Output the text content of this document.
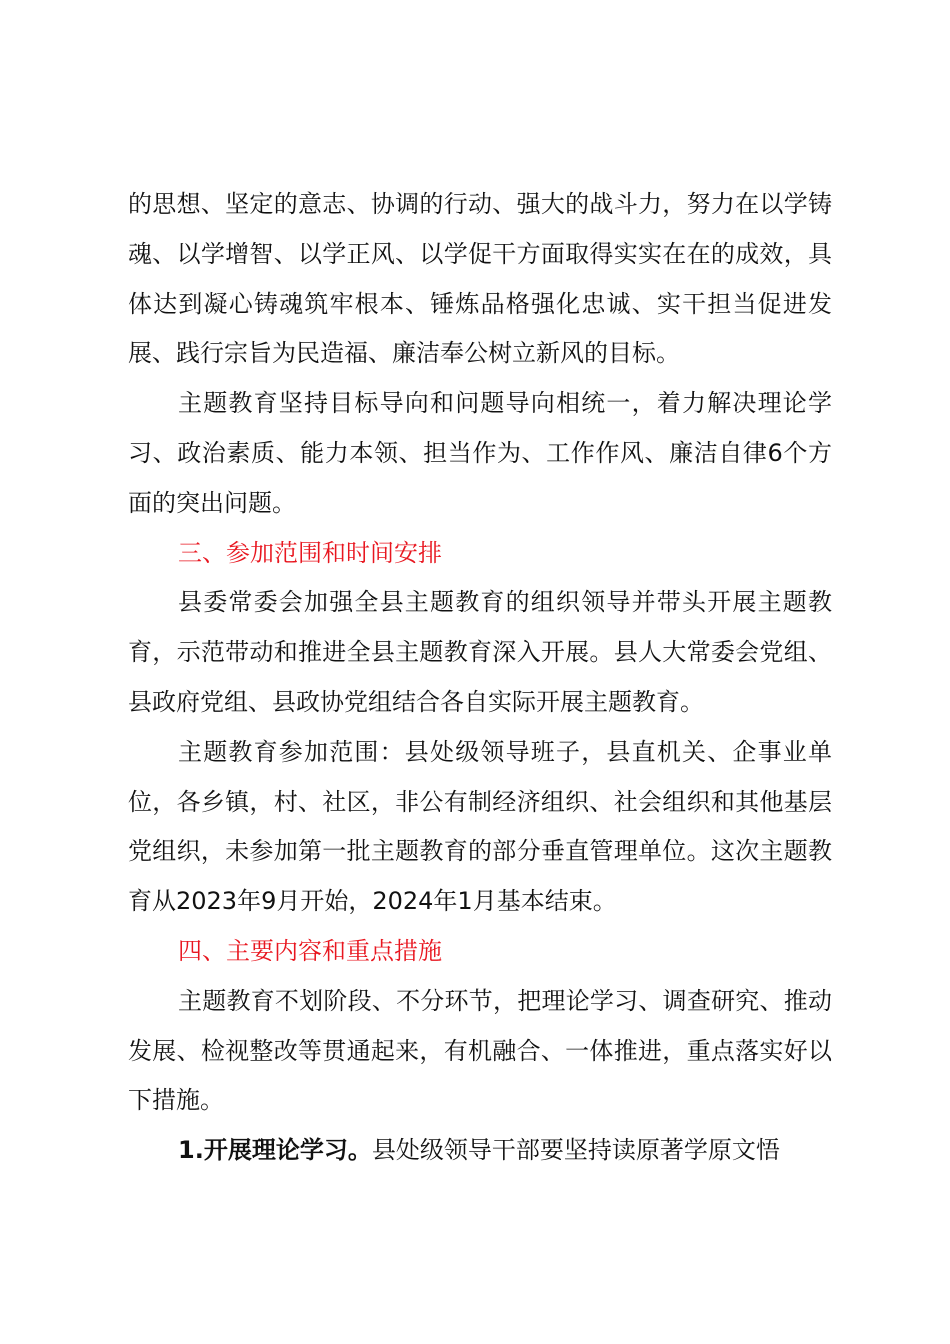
的思想、坚定的意志、协调的行动、强大的战斗力，努力在以学铸魂、以学增智、以学正风、以学促干方面取得实实在在的成效，具体达到凝心铸魂筑牢根本、锤炼品格强化忠诚、实干担当促进发展、践行宗旨为民造福、廉洁奉公树立新风的目标。

主题教育坚持目标导向和问题导向相统一，着力解决理论学习、政治素质、能力本领、担当作为、工作作风、廉洁自律6个方面的突出问题。

三、参加范围和时间安排

县委常委会加强全县主题教育的组织领导并带头开展主题教育，示范带动和推进全县主题教育深入开展。县人大常委会党组、县政府党组、县政协党组结合各自实际开展主题教育。

主题教育参加范围：县处级领导班子，县直机关、企事业单位，各乡镇，村、社区，非公有制经济组织、社会组织和其他基层党组织，未参加第一批主题教育的部分垂直管理单位。这次主题教育从2023年9月开始，2024年1月基本结束。

四、主要内容和重点措施

主题教育不划阶段、不分环节，把理论学习、调查研究、推动发展、检视整改等贯通起来，有机融合、一体推进，重点落实好以下措施。

1.开展理论学习。县处级领导干部要坚持读原著学原文悟
